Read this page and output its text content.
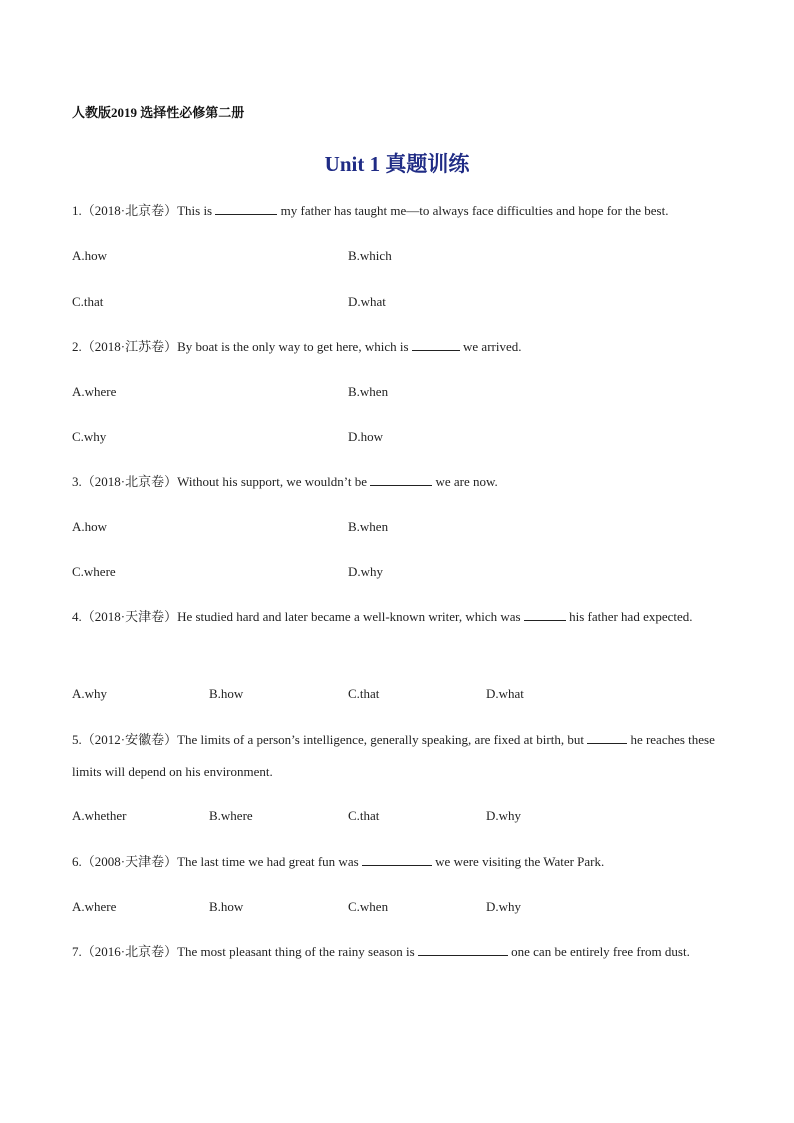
人教版2019 选择性必修第二册
Unit 1 真题训练
1.（2018·北京卷）This is	my father has taught me—to always face difficulties and hope for the best.
A.how	B.which
C.that	D.what
2.（2018·江苏卷）By boat is the only way to get here, which is	we arrived.
A.where	B.when
C.why	D.how
3.（2018·北京卷）Without his support, we wouldn’t be	we are now.
A.how	B.when
C.where	D.why
4.（2018·天津卷）He studied hard and later became a well-known writer, which was	his father had expected.
A.why	B.how	C.that	D.what
5.（2012·安徽卷）The limits of a person’s intelligence, generally speaking, are fixed at birth, but	he reaches these limits will depend on his environment.
A.whether	B.where	C.that	D.why
6.（2008·天津卷）The last time we had great fun was	we were visiting the Water Park.
A.where	B.how	C.when	D.why
7.（2016·北京卷）The most pleasant thing of the rainy season is	one can be entirely free from dust.
